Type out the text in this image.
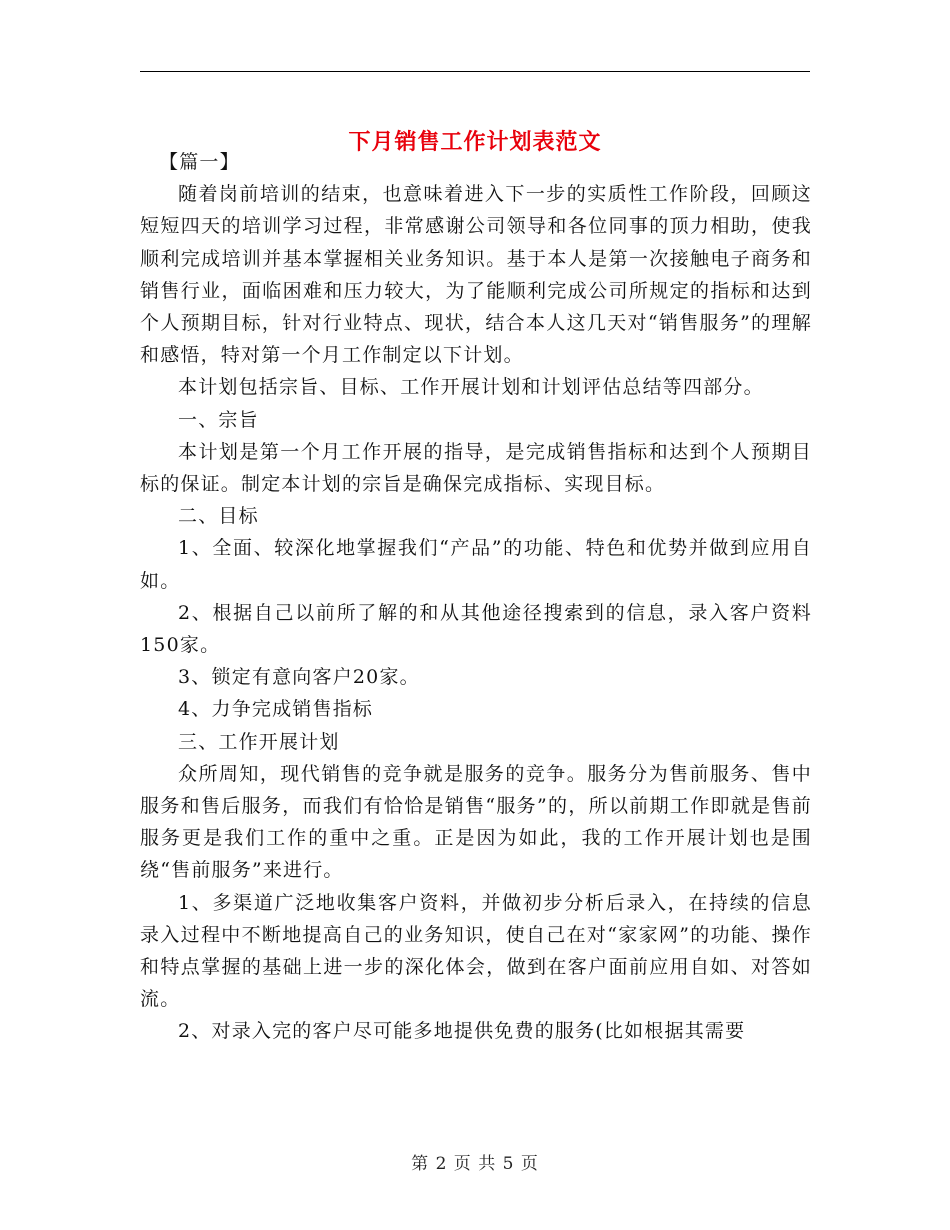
下月销售工作计划表范文

【篇一】

随着岗前培训的结束，也意味着进入下一步的实质性工作阶段，回顾这短短四天的培训学习过程，非常感谢公司领导和各位同事的顶力相助，使我顺利完成培训并基本掌握相关业务知识。基于本人是第一次接触电子商务和销售行业，面临困难和压力较大，为了能顺利完成公司所规定的指标和达到个人预期目标，针对行业特点、现状，结合本人这几天对“销售服务”的理解和感悟，特对第一个月工作制定以下计划。

本计划包括宗旨、目标、工作开展计划和计划评估总结等四部分。

一、宗旨

本计划是第一个月工作开展的指导，是完成销售指标和达到个人预期目标的保证。制定本计划的宗旨是确保完成指标、实现目标。

二、目标

1、全面、较深化地掌握我们“产品”的功能、特色和优势并做到应用自如。

2、根据自己以前所了解的和从其他途径搜索到的信息，录入客户资料150家。

3、锁定有意向客户20家。

4、力争完成销售指标

三、工作开展计划

众所周知，现代销售的竞争就是服务的竞争。服务分为售前服务、售中服务和售后服务，而我们有恰恰是销售“服务”的，所以前期工作即就是售前服务更是我们工作的重中之重。正是因为如此，我的工作开展计划也是围绕“售前服务”来进行。

1、多渠道广泛地收集客户资料，并做初步分析后录入，在持续的信息录入过程中不断地提高自己的业务知识，使自己在对“家家网”的功能、操作和特点掌握的基础上进一步的深化体会，做到在客户面前应用自如、对答如流。

2、对录入完的客户尽可能多地提供免费的服务(比如根据其需要

第 2 页 共 5 页
